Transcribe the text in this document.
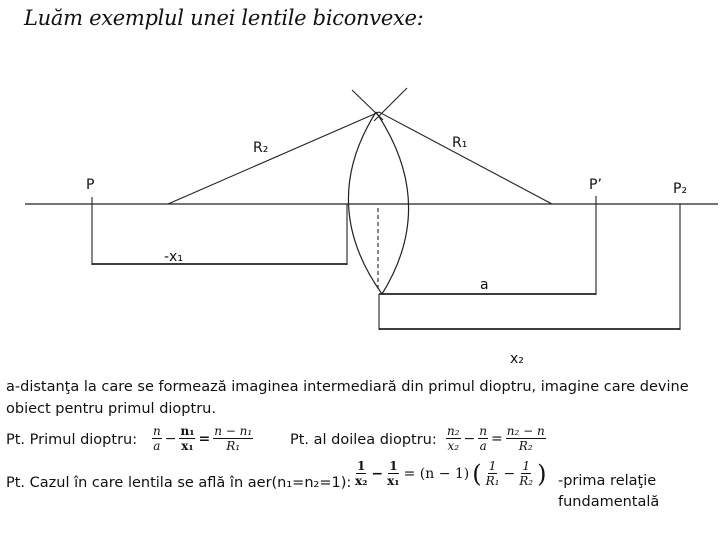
Luăm exemplul unei lentile biconvexe:
R₂	R₁
P	P’	P₂
-x₁
a
x₂
a-distanţa la care se formează imaginea intermediară din primul dioptru, imagine care devine obiect pentru primul dioptru.
Pt. Primul dioptru: $\frac{n}{a} - \frac{\text{n₁}}{\text{x₁}} = \frac{\text{n − n₁}}{\text{R₁}}$	Pt. al doilea dioptru: $\frac{\text{n₂}}{\text{x₂}} - \frac{n}{a} = \frac{\text{n₂ − n}}{\text{R₂}}$
Pt. Cazul în care lentila se află în aer(n₁=n₂=1): $\frac{1}{\text{x₂}} - \frac{1}{\text{x₁}} = (n - 1)$ ( $\frac{1}{\text{R₁}} - \frac{1}{\text{R₂}}$ ) -prima relaţie fundamentală
